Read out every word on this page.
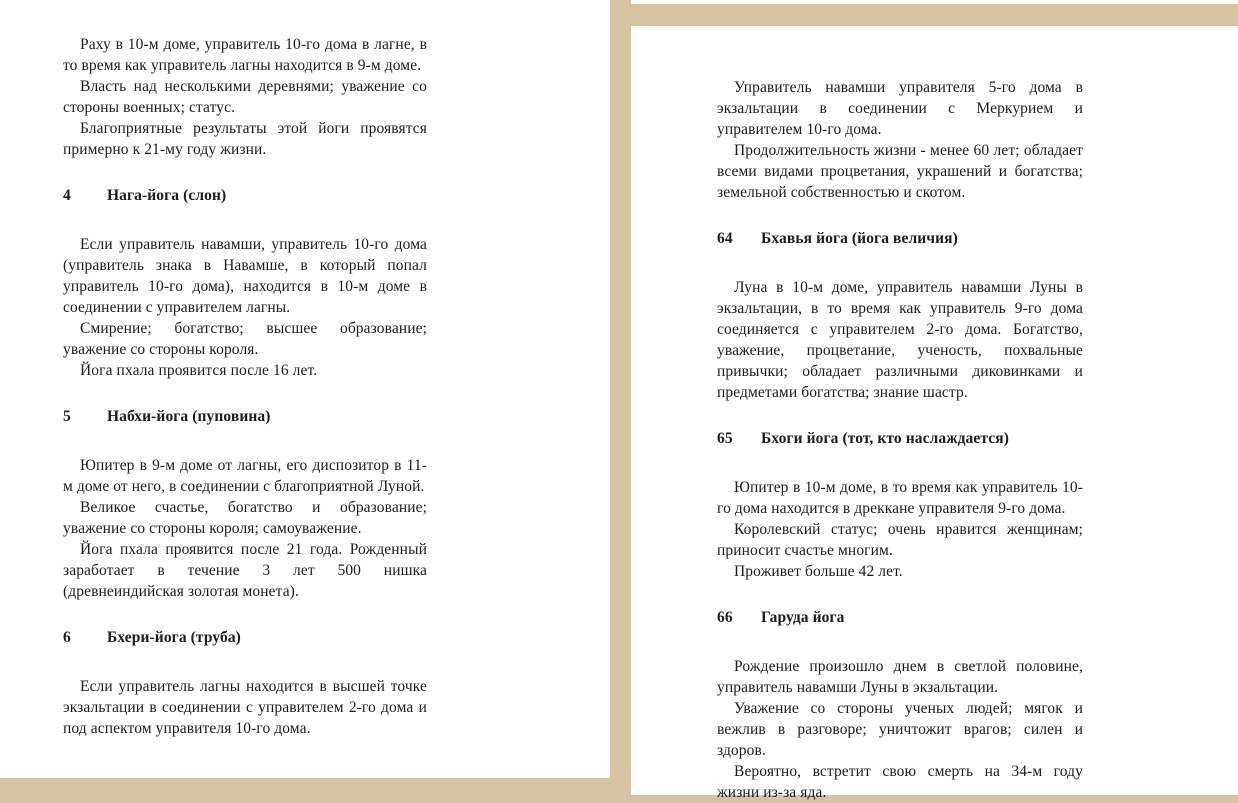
Раху в 10-м доме, управитель 10-го дома в лагне, в то время как управитель лагны находится в 9-м доме.

Власть над несколькими деревнями; уважение со стороны военных; статус.

Благоприятные результаты этой йоги проявятся примерно к 21-му году жизни.

4	Нага-йога (слон)

Если управитель навамши, управитель 10-го дома (управитель знака в Навамше, в который попал управитель 10-го дома), находится в 10-м доме в соединении с управителем лагны.

Смирение; богатство; высшее образование; уважение со стороны короля.

Йога пхала проявится после 16 лет.

5	Набхи-йога (пуповина)

Юпитер в 9-м доме от лагны, его диспозитор в 11-м доме от него, в соединении с благоприятной Луной.

Великое счастье, богатство и образование; уважение со стороны короля; самоуважение.

Йога пхала проявится после 21 года. Рожденный заработает в течение 3 лет 500 нишка (древнеиндийская золотая монета).

6	Бхери-йога (труба)

Если управитель лагны находится в высшей точке экзальтации в соединении с управителем 2-го дома и под аспектом управителя 10-го дома.

Управитель навамши управителя 5-го дома в экзальтации в соединении с Меркурием и управителем 10-го дома.

Продолжительность жизни - менее 60 лет; обладает всеми видами процветания, украшений и богатства; земельной собственностью и скотом.

64	Бхавья йога (йога величия)

Луна в 10-м доме, управитель навамши Луны в экзальтации, в то время как управитель 9-го дома соединяется с управителем 2-го дома. Богатство, уважение, процветание, ученость, похвальные привычки; обладает различными диковинками и предметами богатства; знание шастр.

65	Бхоги йога (тот, кто наслаждается)

Юпитер в 10-м доме, в то время как управитель 10-го дома находится в дреккане управителя 9-го дома.

Королевский статус; очень нравится женщинам; приносит счастье многим.

Проживет больше 42 лет.

66	Гаруда йога

Рождение произошло днем в светлой половине, управитель навамши Луны в экзальтации.

Уважение со стороны ученых людей; мягок и вежлив в разговоре; уничтожит врагов; силен и здоров.

Вероятно, встретит свою смерть на 34-м году жизни из-за яда.
